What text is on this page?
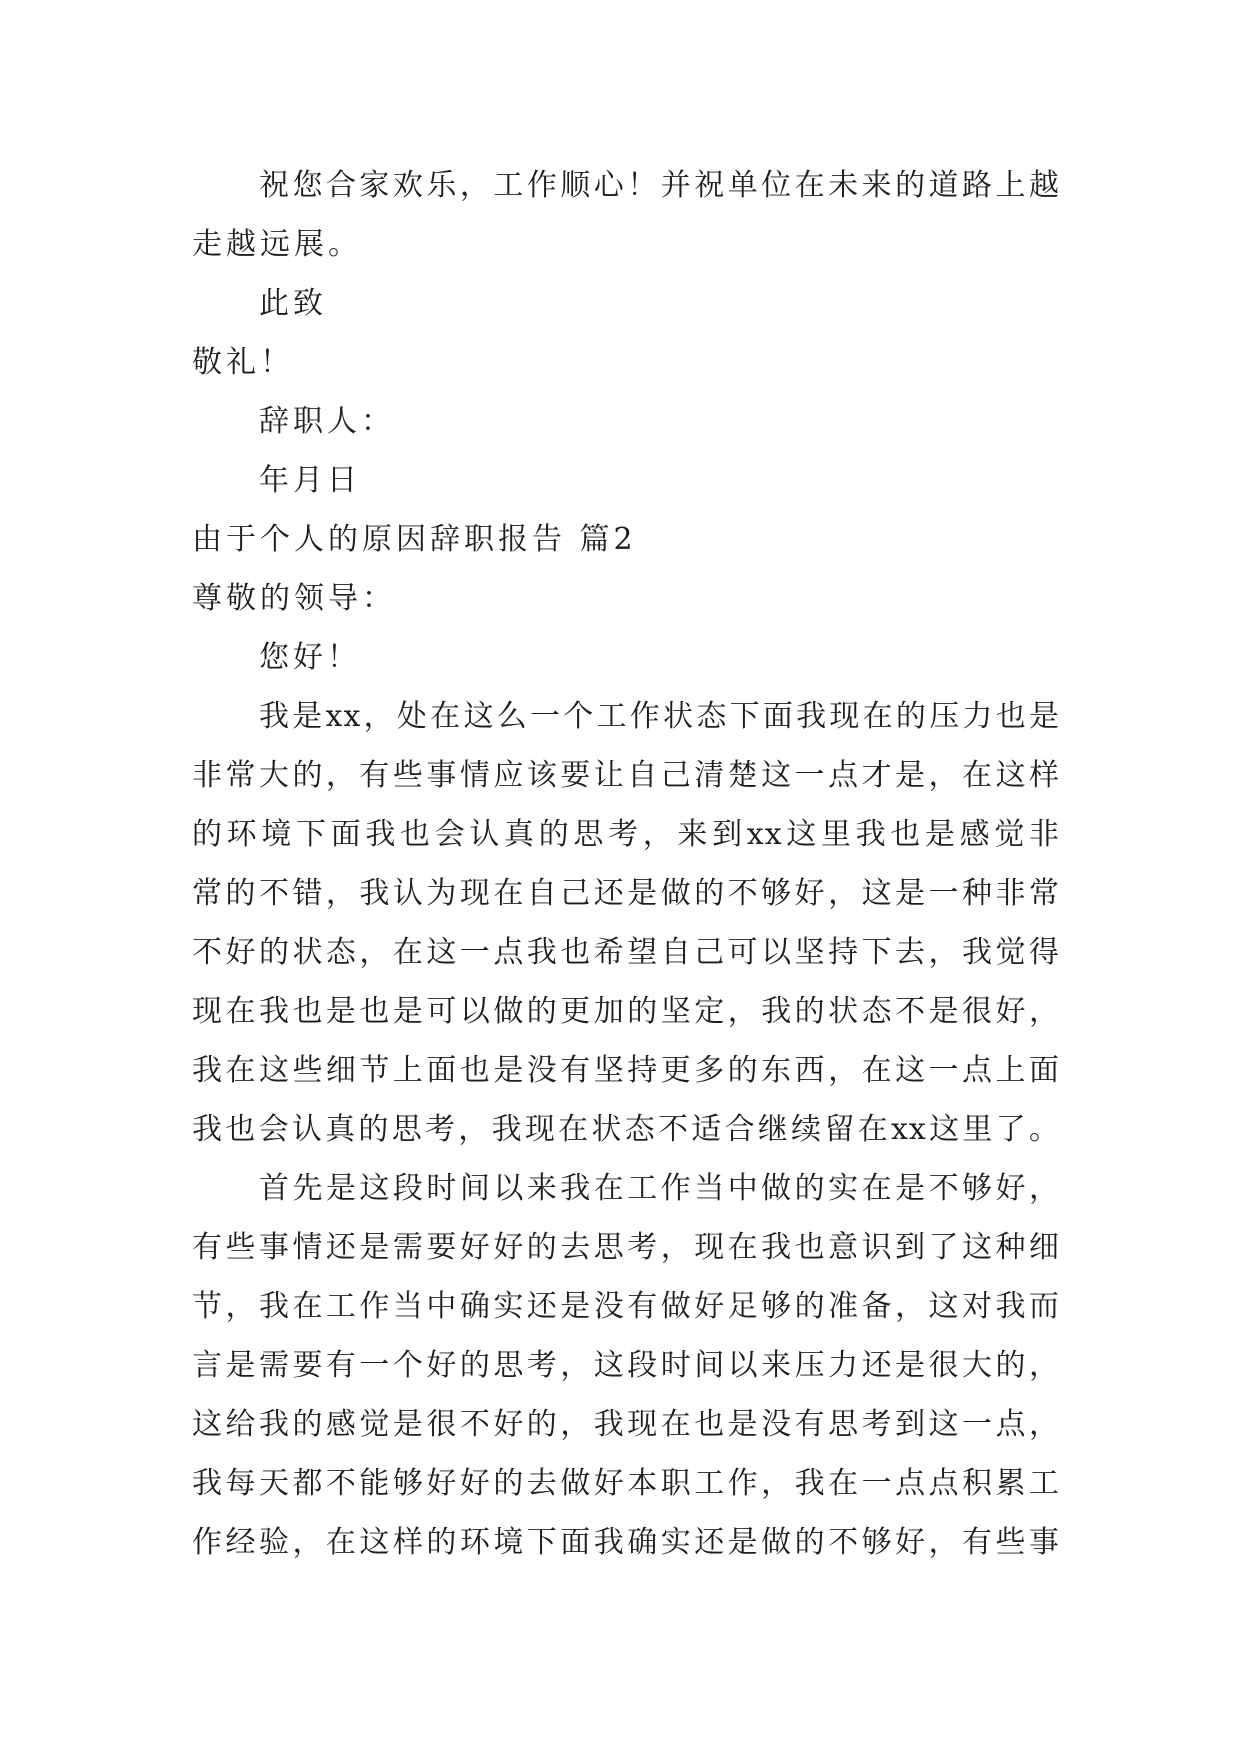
祝您合家欢乐，工作顺心！并祝单位在未来的道路上越
走越远展。
此致
敬礼！
辞职人：
年月日
由于个人的原因辞职报告 篇2
尊敬的领导：
您好！
我是xx，处在这么一个工作状态下面我现在的压力也是
非常大的，有些事情应该要让自己清楚这一点才是，在这样
的环境下面我也会认真的思考，来到xx这里我也是感觉非
常的不错，我认为现在自己还是做的不够好，这是一种非常
不好的状态，在这一点我也希望自己可以坚持下去，我觉得
现在我也是也是可以做的更加的坚定，我的状态不是很好，
我在这些细节上面也是没有坚持更多的东西，在这一点上面
我也会认真的思考，我现在状态不适合继续留在xx这里了。
首先是这段时间以来我在工作当中做的实在是不够好，
有些事情还是需要好好的去思考，现在我也意识到了这种细
节，我在工作当中确实还是没有做好足够的准备，这对我而
言是需要有一个好的思考，这段时间以来压力还是很大的，
这给我的感觉是很不好的，我现在也是没有思考到这一点，
我每天都不能够好好的去做好本职工作，我在一点点积累工
作经验，在这样的环境下面我确实还是做的不够好，有些事
